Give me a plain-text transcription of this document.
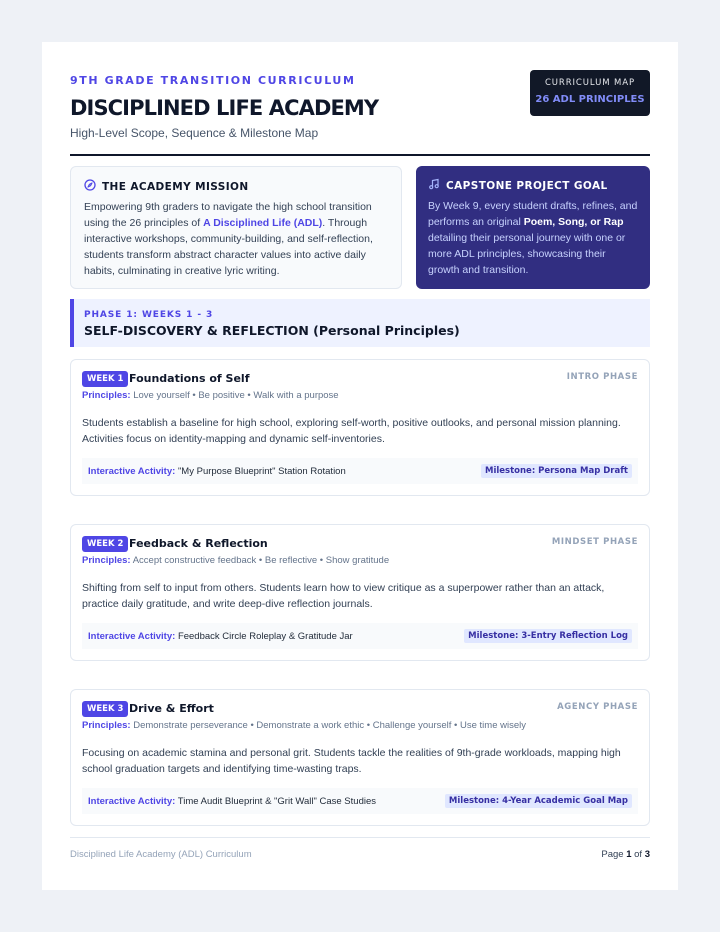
9TH GRADE TRANSITION CURRICULUM
DISCIPLINED LIFE ACADEMY
High-Level Scope, Sequence & Milestone Map
CURRICULUM MAP
26 ADL PRINCIPLES
THE ACADEMY MISSION
Empowering 9th graders to navigate the high school transition using the 26 principles of A Disciplined Life (ADL). Through interactive workshops, community-building, and self-reflection, students transform abstract character values into active daily habits, culminating in creative lyric writing.
CAPSTONE PROJECT GOAL
By Week 9, every student drafts, refines, and performs an original Poem, Song, or Rap detailing their personal journey with one or more ADL principles, showcasing their growth and transition.
PHASE 1: WEEKS 1 - 3
SELF-DISCOVERY & REFLECTION (Personal Principles)
WEEK 1 Foundations of Self	INTRO PHASE
Principles: Love yourself • Be positive • Walk with a purpose
Students establish a baseline for high school, exploring self-worth, positive outlooks, and personal mission planning. Activities focus on identity-mapping and dynamic self-inventories.
Interactive Activity: "My Purpose Blueprint" Station Rotation	Milestone: Persona Map Draft
WEEK 2 Feedback & Reflection	MINDSET PHASE
Principles: Accept constructive feedback • Be reflective • Show gratitude
Shifting from self to input from others. Students learn how to view critique as a superpower rather than an attack, practice daily gratitude, and write deep-dive reflection journals.
Interactive Activity: Feedback Circle Roleplay & Gratitude Jar	Milestone: 3-Entry Reflection Log
WEEK 3 Drive & Effort	AGENCY PHASE
Principles: Demonstrate perseverance • Demonstrate a work ethic • Challenge yourself • Use time wisely
Focusing on academic stamina and personal grit. Students tackle the realities of 9th-grade workloads, mapping high school graduation targets and identifying time-wasting traps.
Interactive Activity: Time Audit Blueprint & "Grit Wall" Case Studies	Milestone: 4-Year Academic Goal Map
Disciplined Life Academy (ADL) Curriculum	Page 1 of 3
